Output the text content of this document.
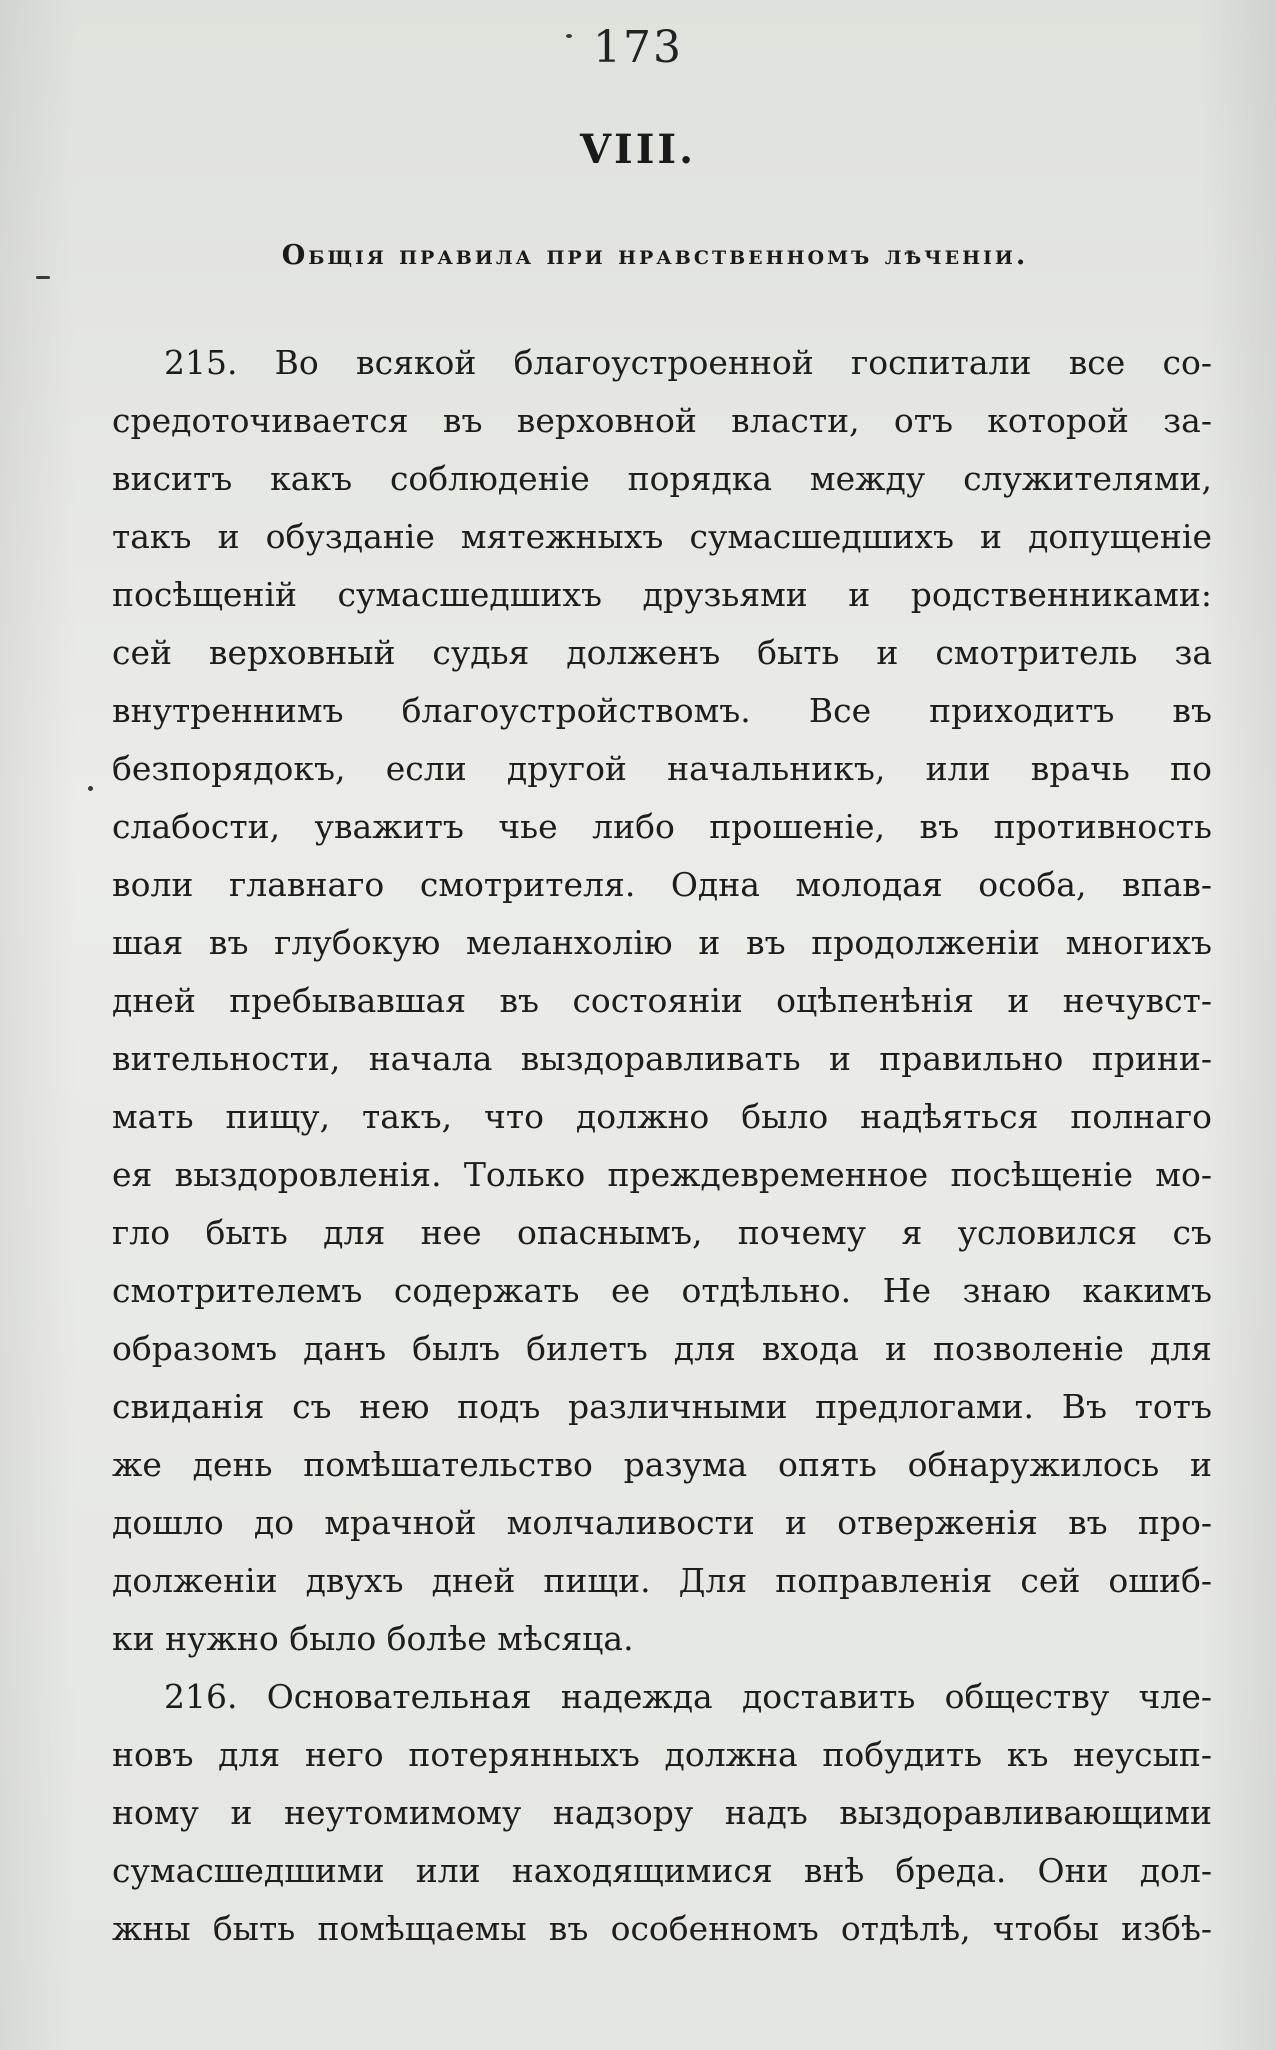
173
VIII.
Общія правила при нравственномъ лѣченіи.
215. Во всякой благоустроенной госпитали все со-
средоточивается въ верховной власти, отъ которой за-
виситъ какъ соблюденіе порядка между служителями,
такъ и обузданіе мятежныхъ сумасшедшихъ и допущеніе
посѣщеній сумасшедшихъ друзьями и родственниками:
сей верховный судья долженъ быть и смотритель за
внутреннимъ благоустройствомъ. Все приходитъ въ
безпорядокъ, если другой начальникъ, или врачь по
слабости, уважитъ чье либо прошеніе, въ противность
воли главнаго смотрителя. Одна молодая особа, впав-
шая въ глубокую меланхолію и въ продолженіи многихъ
дней пребывавшая въ состояніи оцѣпенѣнія и нечувст-
вительности, начала выздоравливать и правильно прини-
мать пищу, такъ, что должно было надѣяться полнаго
ея выздоровленія. Только преждевременное посѣщеніе мо-
гло быть для нее опаснымъ, почему я условился съ
смотрителемъ содержать ее отдѣльно. Не знаю какимъ
образомъ данъ былъ билетъ для входа и позволеніе для
свиданія съ нею подъ различными предлогами. Въ тотъ
же день помѣшательство разума опять обнаружилось и
дошло до мрачной молчаливости и отверженія въ про-
долженіи двухъ дней пищи. Для поправленія сей ошиб-
ки нужно было болѣе мѣсяца.
216. Основательная надежда доставить обществу чле-
новъ для него потерянныхъ должна побудить къ неусып-
ному и неутомимому надзору надъ выздоравливающими
сумасшедшими или находящимися внѣ бреда. Они дол-
жны быть помѣщаемы въ особенномъ отдѣлѣ, чтобы избѣ-
